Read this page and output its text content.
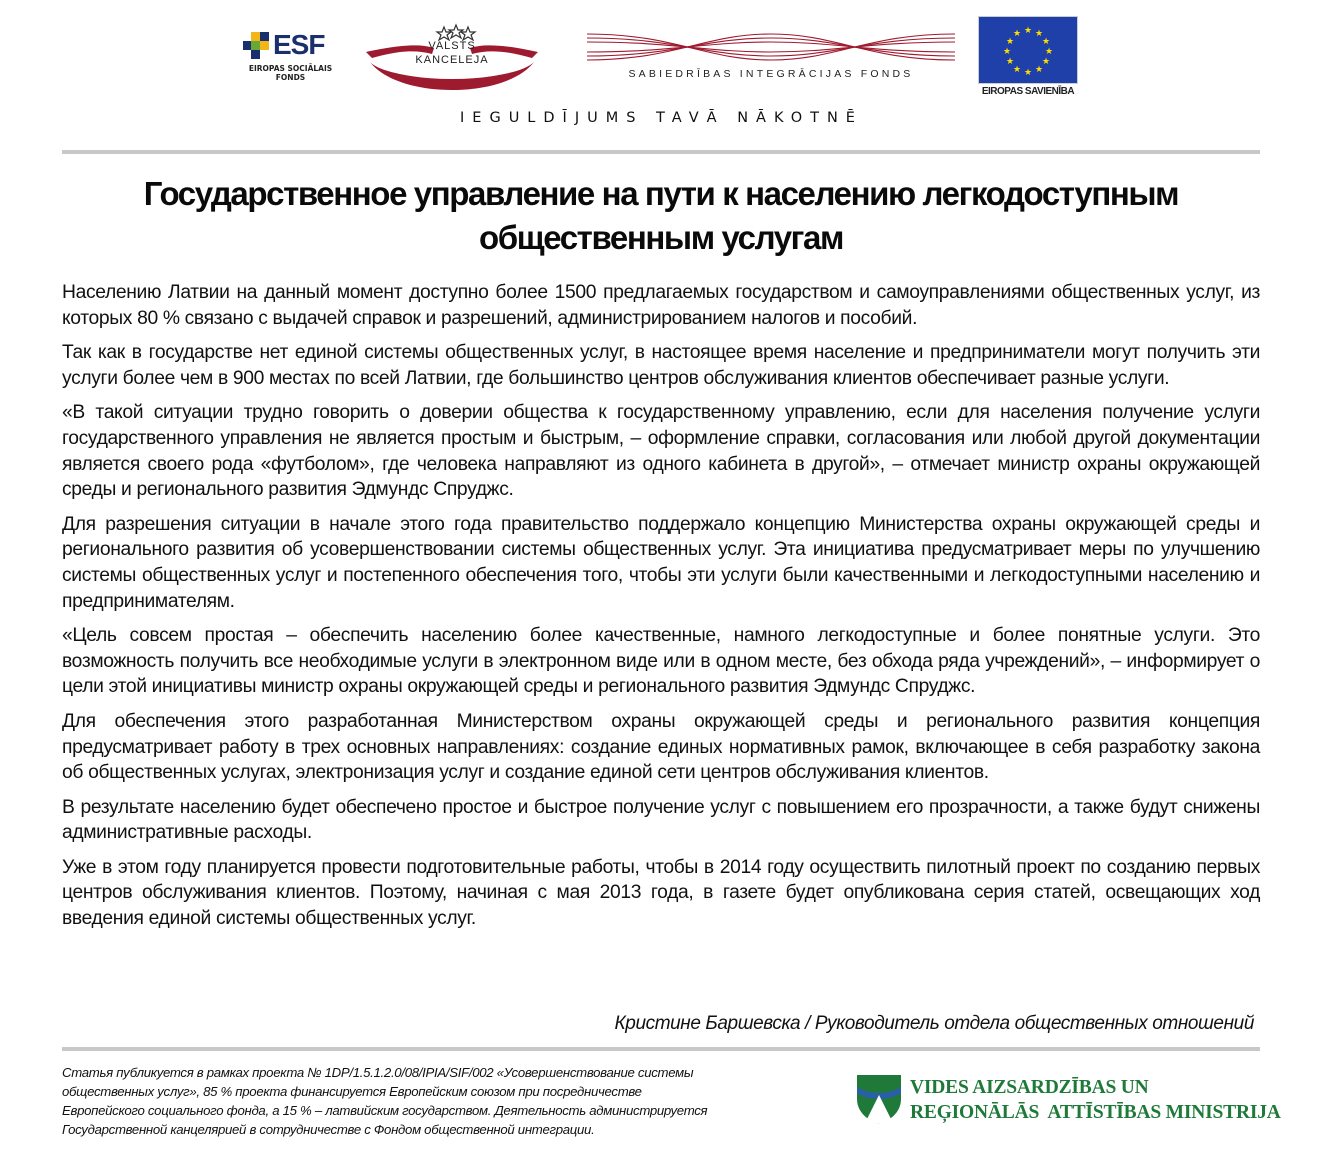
ESF
EIROPAS SOCIĀLAIS
FONDS
VALSTS
KANCELEJA
SABIEDRĪBAS INTEGRĀCIJAS FONDS
★ ★
★
★
★
★
★
★
★
★
★
★
EIROPAS SAVIENĪBA
IEGULDĪJUMS TAVĀ NĀKOTNĒ
Государственное управление на пути к населению легкодоступным
общественным услугам

Населению Латвии на данный момент доступно более 1500 предлагаемых государством и самоуправлениями общественных услуг, из которых 80 % связано с выдачей справок и разрешений, администрированием налогов и пособий.

Так как в государстве нет единой системы общественных услуг, в настоящее время население и предприниматели могут получить эти услуги более чем в 900 местах по всей Латвии, где большинство центров обслуживания клиентов обеспечивает разные услуги.

«В такой ситуации трудно говорить о доверии общества к государственному управлению, если для населения получение услуги государственного управления не является простым и быстрым, – оформление справки, согласования или любой другой документации является своего рода «футболом», где человека направляют из одного кабинета в другой», – отмечает министр охраны окружающей среды и регионального развития Эдмундс Спруджс.

Для разрешения ситуации в начале этого года правительство поддержало концепцию Министерства охраны окружающей среды и регионального развития об усовершенствовании системы общественных услуг. Эта инициатива предусматривает меры по улучшению системы общественных услуг и постепенного обеспечения того, чтобы эти услуги были качественными и легкодоступными населению и предпринимателям.

«Цель совсем простая – обеспечить населению более качественные, намного легкодоступные и более понятные услуги. Это возможность получить все необходимые услуги в электронном виде или в одном месте, без обхода ряда учреждений», – информирует о цели этой инициативы министр охраны окружающей среды и регионального развития Эдмундс Спруджс.

Для обеспечения этого разработанная Министерством охраны окружающей среды и регионального развития концепция предусматривает работу в трех основных направлениях: создание единых нормативных рамок, включающее в себя разработку закона об общественных услугах, электронизация услуг и создание единой сети центров обслуживания клиентов.

В результате населению будет обеспечено простое и быстрое получение услуг с повышением его прозрачности, а также будут снижены административные расходы.

Уже в этом году планируется провести подготовительные работы, чтобы в 2014 году осуществить пилотный проект по созданию первых центров обслуживания клиентов. Поэтому, начиная с мая 2013 года, в газете будет опубликована серия статей, освещающих ход введения единой системы общественных услуг.

Кристине Баршевска / Руководитель отдела общественных отношений
Статья публикуется в рамках проекта № 1DP/1.5.1.2.0/08/IPIA/SIF/002 «Усовершенствование системы
общественных услуг», 85 % проекта финансируется Европейским союзом при посредничестве
Европейского социального фонда, а 15 % – латвийским государством. Деятельность администрируется
Государственной канцелярией в сотрудничестве с Фондом общественной интеграции.
VIDES AIZSARDZĪBAS UN
REĢIONĀLĀS  ATTĪSTĪBAS MINISTRIJA
